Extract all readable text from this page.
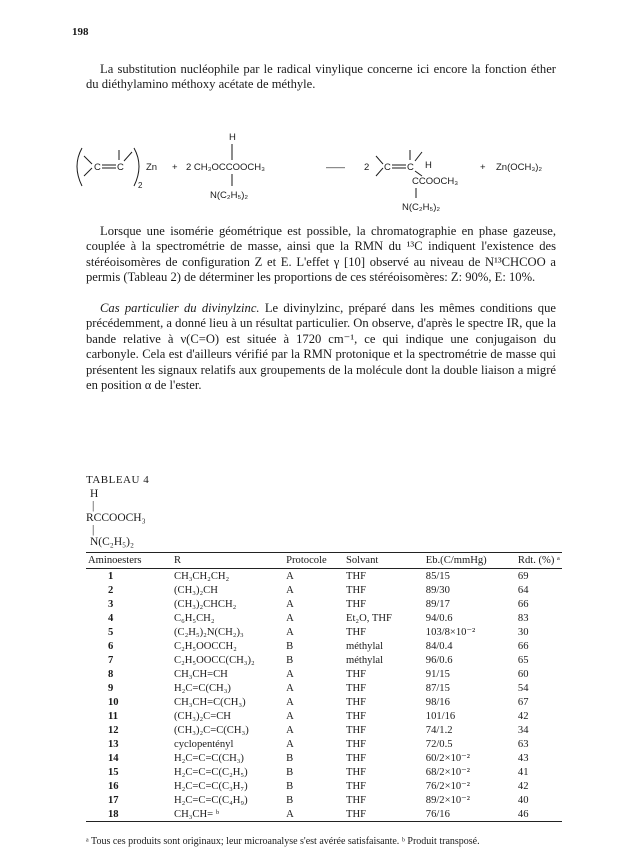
198

La substitution nucléophile par le radical vinylique concerne ici encore la fonction éther du diéthylamino méthoxy acétate de méthyle.

C C Zn
2
+
H
2 CH₃OCCOOCH₃
N(C₂H₅)₂
—— 2 C C H
CCOOCH₃
N(C₂H₅)₂
+ Zn(OCH₃)₂

Lorsque une isomérie géométrique est possible, la chromatographie en phase gazeuse, couplée à la spectrométrie de masse, ainsi que la RMN du ¹³C indiquent l'existence des stéréoisomères de configuration Z et E. L'effet γ [10] observé au niveau de N¹³CHCOO a permis (Tableau 2) de déterminer les proportions de ces stéréoisomères: Z: 90%, E: 10%.

Cas particulier du divinylzinc. Le divinylzinc, préparé dans les mêmes conditions que précédemment, a donné lieu à un résultat particulier. On observe, d'après le spectre IR, que la bande relative à ν(C=O) est située à 1720 cm⁻¹, ce qui indique une conjugaison du carbonyle. Cela est d'ailleurs vérifié par la RMN protonique et la spectrométrie de masse qui présentent les signaux relatifs aux groupements de la molécule dont la double liaison a migré en position α de l'ester.

TABLEAU 4
H
|
RCCOOCH₃
|
N(C₂H₅)₂
Aminoesters	R	Protocole	Solvant	Eb.(C/mmHg)	Rdt. (%) ᵃ
1	CH₃CH₂CH₂	A	THF	85/15	69
2	(CH₃)₂CH	A	THF	89/30	64
3	(CH₃)₂CHCH₂	A	THF	89/17	66
4	C₆H₅CH₂	A	Et₂O, THF	94/0.6	83
5	(C₂H₅)₂N(CH₂)₃	A	THF	103/8×10⁻²	30
6	C₂H₅OOCCH₂	B	méthylal	84/0.4	66
7	C₂H₅OOCC(CH₃)₂	B	méthylal	96/0.6	65
8	CH₃CH=CH	A	THF	91/15	60
9	H₂C=C(CH₃)	A	THF	87/15	54
10	CH₃CH=C(CH₃)	A	THF	98/16	67
11	(CH₃)₂C=CH	A	THF	101/16	42
12	(CH₃)₂C=C(CH₃)	A	THF	74/1.2	34
13	cyclopentényl	A	THF	72/0.5	63
14	H₂C=C=C(CH₃)	B	THF	60/2×10⁻²	43
15	H₂C=C=C(C₂H₅)	B	THF	68/2×10⁻²	41
16	H₂C=C=C(C₃H₇)	B	THF	76/2×10⁻²	42
17	H₂C=C=C(C₄H₉)	B	THF	89/2×10⁻²	40
18	CH₃CH= ᵇ	A	THF	76/16	46
ᵃ Tous ces produits sont originaux; leur microanalyse s'est avérée satisfaisante. ᵇ Produit transposé.
